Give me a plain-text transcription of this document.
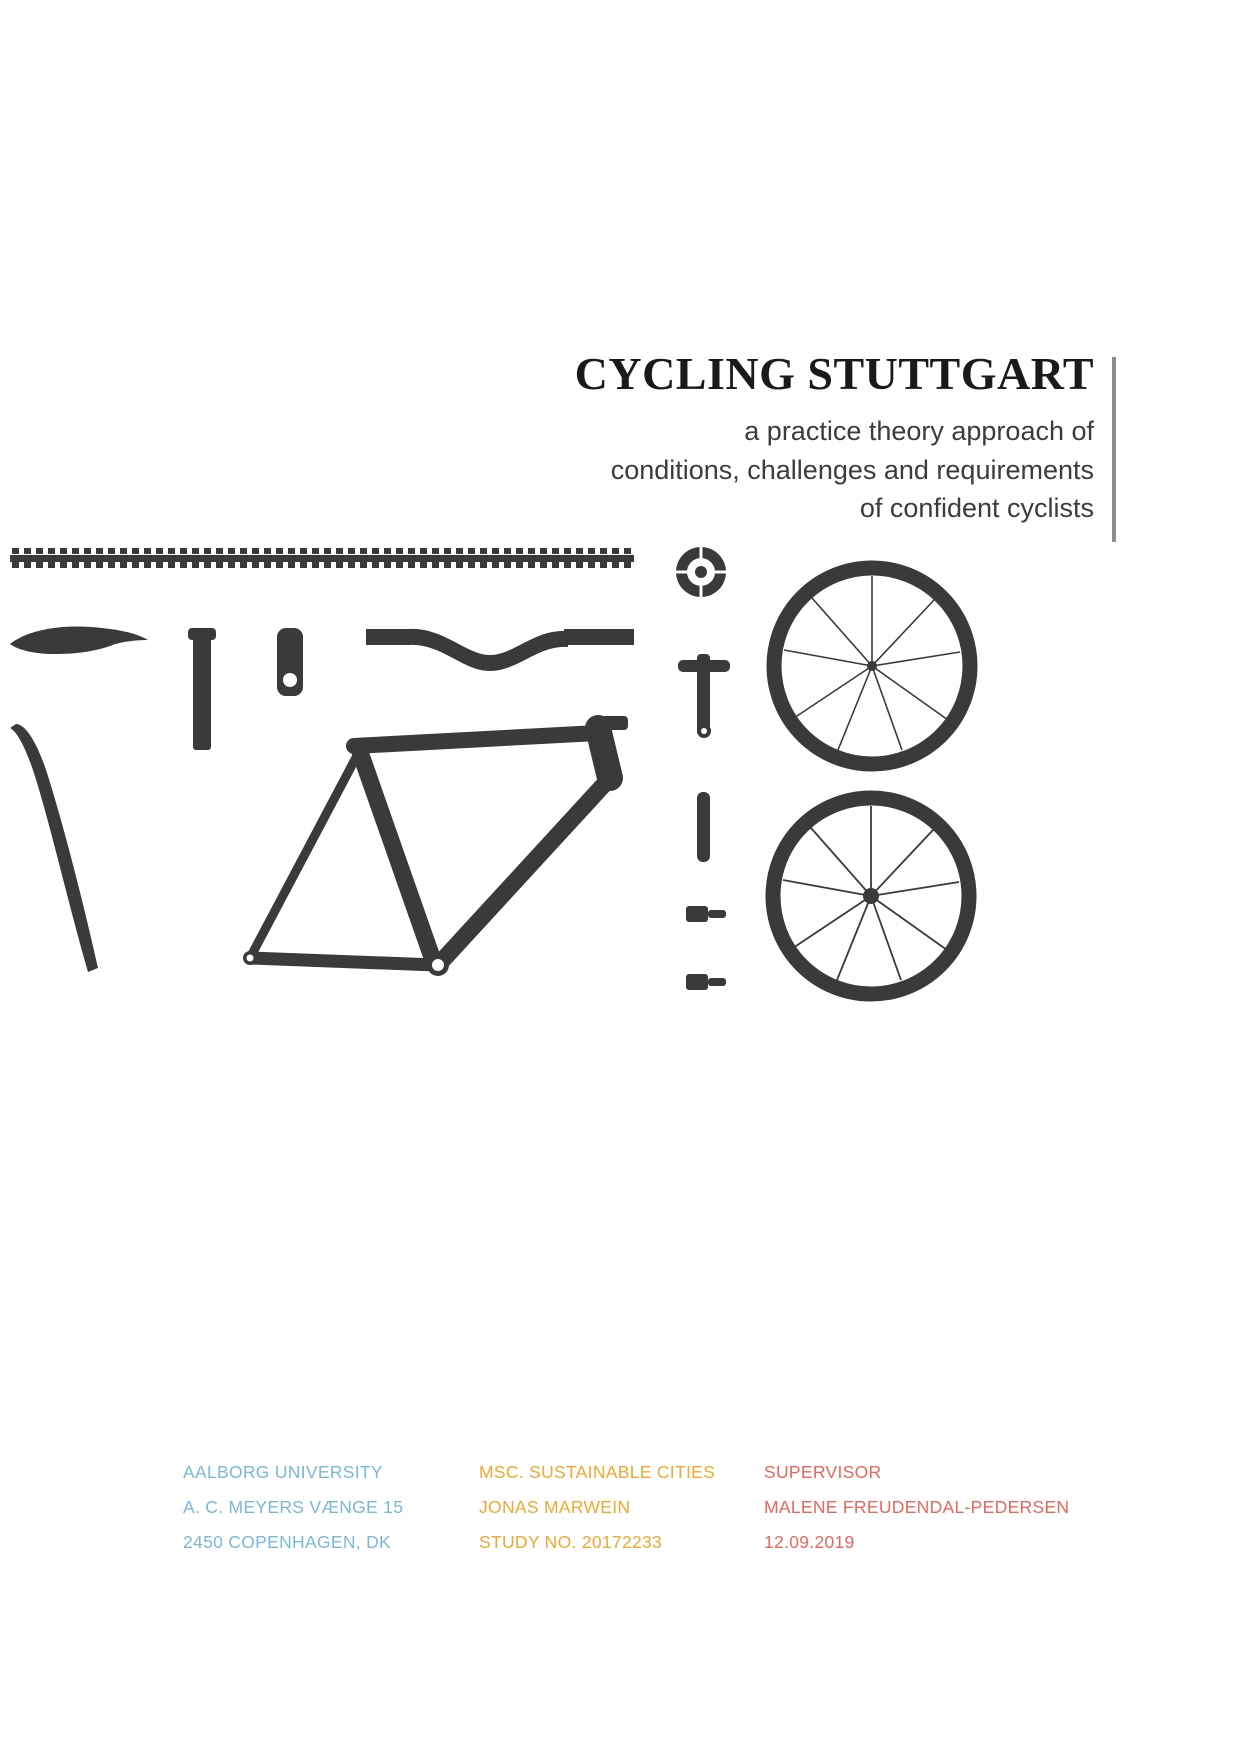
CYCLING STUTTGART

a practice theory approach of
conditions, challenges and requirements
of confident cyclists

AALBORG UNIVERSITY
A. C. MEYERS VÆNGE 15
2450 COPENHAGEN, DK
MSC. SUSTAINABLE CITIES
JONAS MARWEIN
STUDY NO. 20172233
SUPERVISOR
MALENE FREUDENDAL-PEDERSEN
12.09.2019
